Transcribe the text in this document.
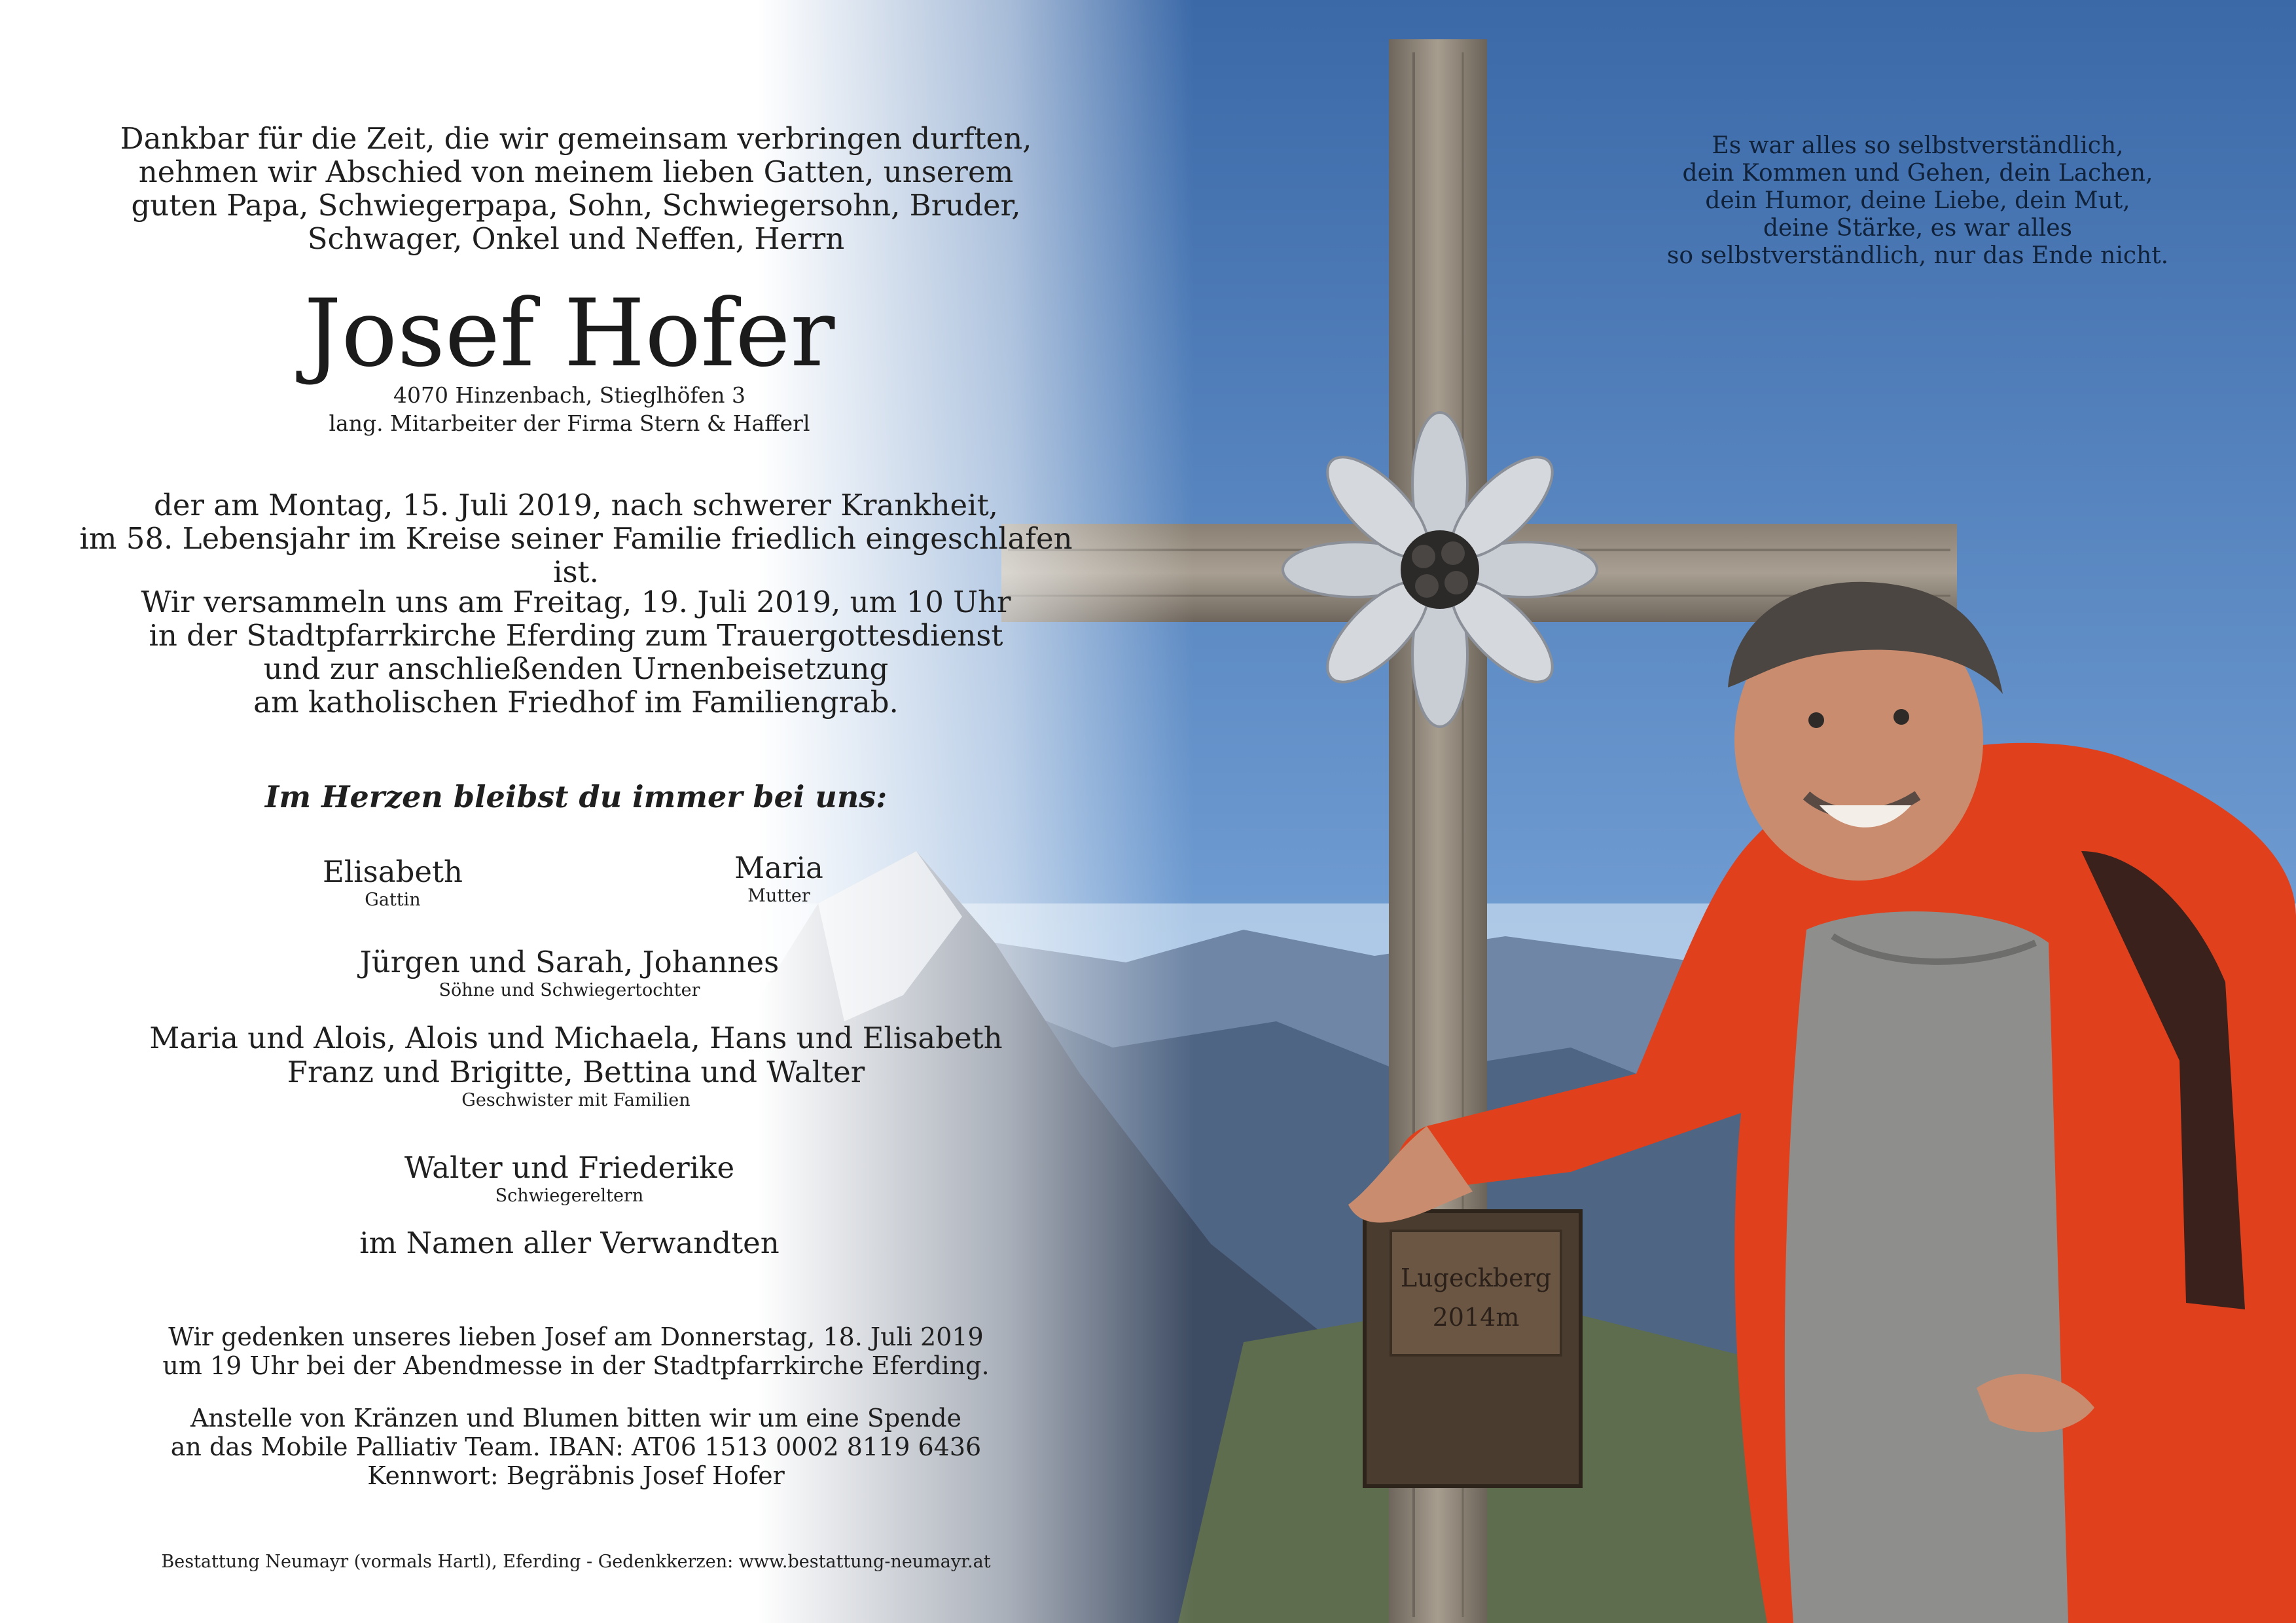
Dankbar für die Zeit, die wir gemeinsam verbringen durften,
nehmen wir Abschied von meinem lieben Gatten, unserem
guten Papa, Schwiegerpapa, Sohn, Schwiegersohn, Bruder,
Schwager, Onkel und Neffen, Herrn
Josef Hofer
4070 Hinzenbach, Stieglhöfen 3
lang. Mitarbeiter der Firma Stern & Hafferl
der am Montag, 15. Juli 2019, nach schwerer Krankheit,
im 58. Lebensjahr im Kreise seiner Familie friedlich eingeschlafen ist.
Wir versammeln uns am Freitag, 19. Juli 2019, um 10 Uhr
in der Stadtpfarrkirche Eferding zum Trauergottesdienst
und zur anschließenden Urnenbeisetzung
am katholischen Friedhof im Familiengrab.
Im Herzen bleibst du immer bei uns:
Elisabeth
Gattin
Maria
Mutter
Jürgen und Sarah, Johannes
Söhne und Schwiegertochter
Maria und Alois, Alois und Michaela, Hans und Elisabeth
Franz und Brigitte, Bettina und Walter
Geschwister mit Familien
Walter und Friederike
Schwiegereltern
im Namen aller Verwandten
Wir gedenken unseres lieben Josef am Donnerstag, 18. Juli 2019
um 19 Uhr bei der Abendmesse in der Stadtpfarrkirche Eferding.
Anstelle von Kränzen und Blumen bitten wir um eine Spende
an das Mobile Palliativ Team. IBAN: AT06 1513 0002 8119 6436
Kennwort: Begräbnis Josef Hofer
Bestattung Neumayr (vormals Hartl), Eferding - Gedenkkerzen: www.bestattung-neumayr.at
Es war alles so selbstverständlich,
dein Kommen und Gehen, dein Lachen,
dein Humor, deine Liebe, dein Mut,
deine Stärke, es war alles
so selbstverständlich, nur das Ende nicht.
